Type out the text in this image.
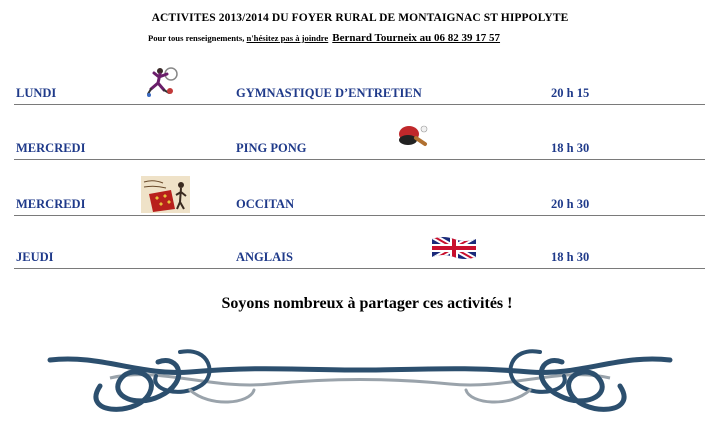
ACTIVITES 2013/2014 DU FOYER RURAL DE MONTAIGNAC ST HIPPOLYTE
Pour tous renseignements, n'hésitez pas à joindre Bernard Tourneix au 06 82 39 17 57
LUNDI	GYMNASTIQUE D’ENTRETIEN	20 h 15
MERCREDI	PING PONG	18 h 30
MERCREDI	OCCITAN	20 h 30
JEUDI	ANGLAIS	18 h 30
Soyons nombreux à partager ces activités !
